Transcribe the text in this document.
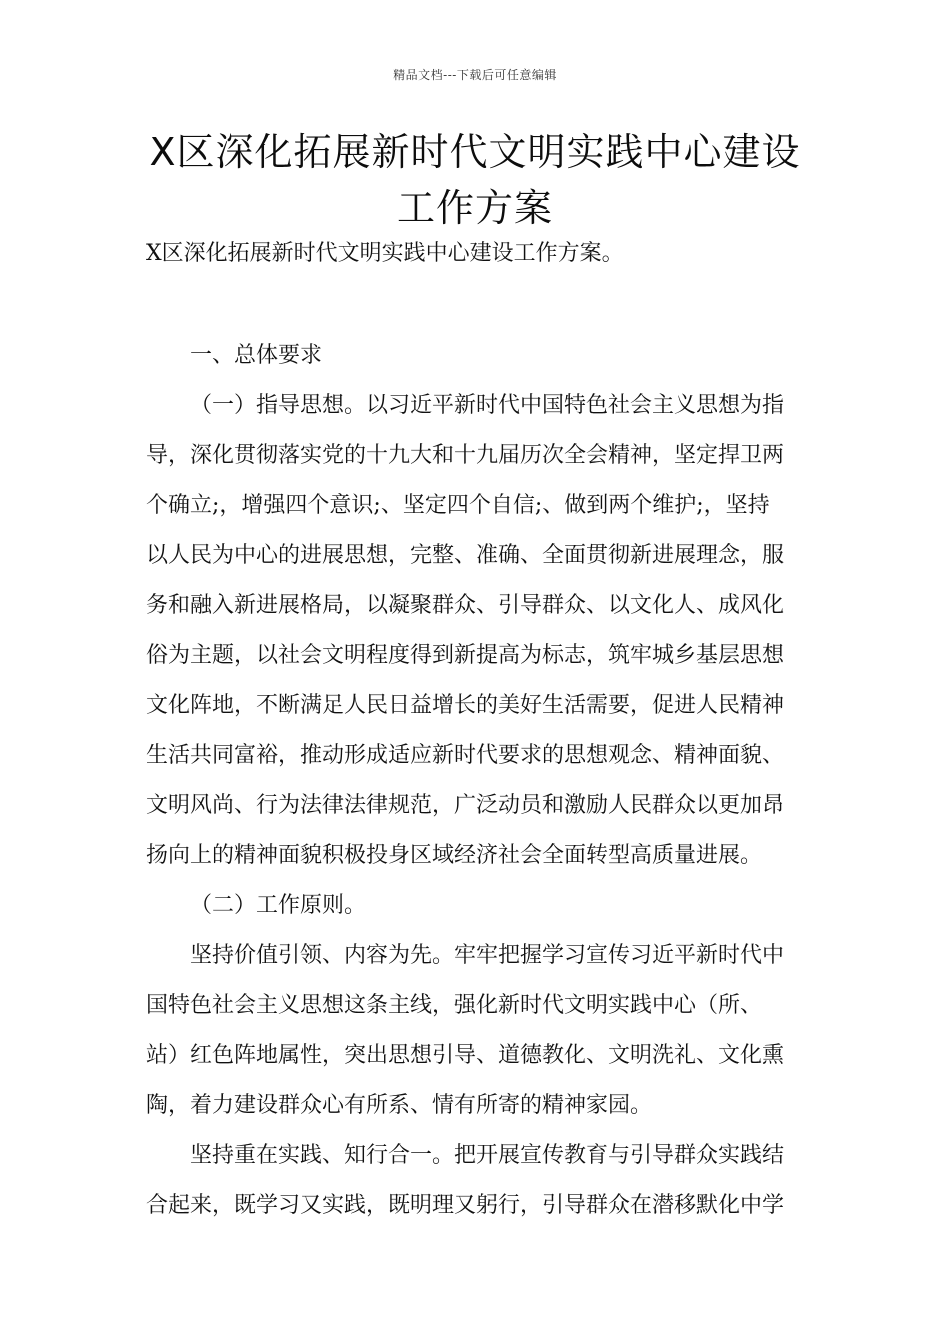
精品文档---下载后可任意编辑
X区深化拓展新时代文明实践中心建设
工作方案

X区深化拓展新时代文明实践中心建设工作方案。

一、总体要求
（一）指导思想。以习近平新时代中国特色社会主义思想为指
导，深化贯彻落实党的十九大和十九届历次全会精神，坚定捍卫两
个确立;，增强四个意识;、坚定四个自信;、做到两个维护;，坚持
以人民为中心的进展思想，完整、准确、全面贯彻新进展理念，服
务和融入新进展格局，以凝聚群众、引导群众、以文化人、成风化
俗为主题，以社会文明程度得到新提高为标志，筑牢城乡基层思想
文化阵地，不断满足人民日益增长的美好生活需要，促进人民精神
生活共同富裕，推动形成适应新时代要求的思想观念、精神面貌、
文明风尚、行为法律法律规范，广泛动员和激励人民群众以更加昂
扬向上的精神面貌积极投身区域经济社会全面转型高质量进展。
（二）工作原则。
坚持价值引领、内容为先。牢牢把握学习宣传习近平新时代中
国特色社会主义思想这条主线，强化新时代文明实践中心（所、
站）红色阵地属性，突出思想引导、道德教化、文明洗礼、文化熏
陶，着力建设群众心有所系、情有所寄的精神家园。
坚持重在实践、知行合一。把开展宣传教育与引导群众实践结
合起来，既学习又实践，既明理又躬行，引导群众在潜移默化中学
